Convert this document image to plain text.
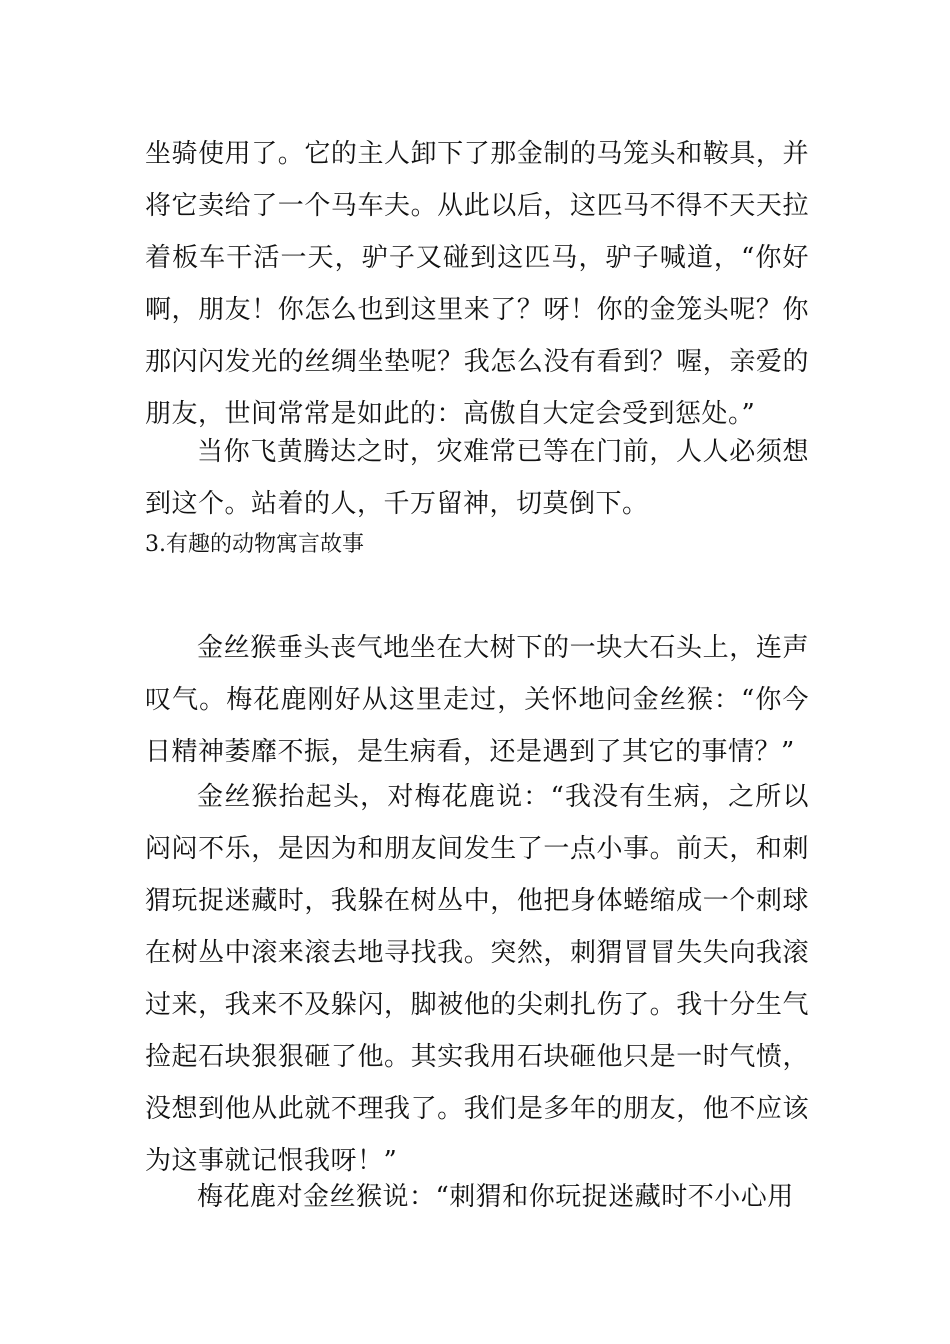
坐骑使用了。它的主人卸下了那金制的马笼头和鞍具，并将它卖给了一个马车夫。从此以后，这匹马不得不天天拉着板车干活一天，驴子又碰到这匹马，驴子喊道，“你好啊，朋友！你怎么也到这里来了？呀！你的金笼头呢？你那闪闪发光的丝绸坐垫呢？我怎么没有看到？喔，亲爱的朋友，世间常常是如此的：高傲自大定会受到惩处。”

当你飞黄腾达之时，灾难常已等在门前，人人必须想到这个。站着的人，千万留神，切莫倒下。

3.有趣的动物寓言故事

金丝猴垂头丧气地坐在大树下的一块大石头上，连声叹气。梅花鹿刚好从这里走过，关怀地问金丝猴：“你今日精神萎靡不振，是生病看，还是遇到了其它的事情？”

金丝猴抬起头，对梅花鹿说：“我没有生病，之所以闷闷不乐，是因为和朋友间发生了一点小事。前天，和刺猬玩捉迷藏时，我躲在树丛中，他把身体蜷缩成一个刺球在树丛中滚来滚去地寻找我。突然，刺猬冒冒失失向我滚过来，我来不及躲闪，脚被他的尖刺扎伤了。我十分生气捡起石块狠狠砸了他。其实我用石块砸他只是一时气愤，没想到他从此就不理我了。我们是多年的朋友，他不应该为这事就记恨我呀！”

梅花鹿对金丝猴说：“刺猬和你玩捉迷藏时不小心用
